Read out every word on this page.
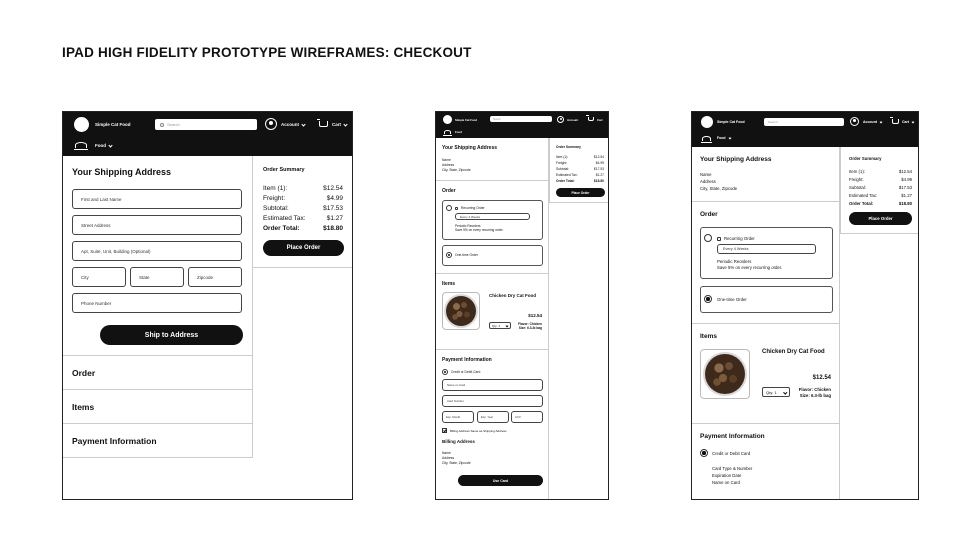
IPAD HIGH FIDELITY PROTOTYPE WIREFRAMES: CHECKOUT
Simple Cat Food	Search	Account	Cart
Food
Your Shipping Address
First and Last Name
Street Address
Apt, Suite, Unit, Building (Optional)
City	State	Zipcode
Phone Number
Ship to Address
Order
Items
Payment Information
Order Summary
Item (1):	$12.54
Freight:	$4.99
Subtotal:	$17.53
Estimated Tax:	$1.27
Order Total:	$18.80
Place Order
Simple Cat Food	Search	Account	Cart
Food
Your Shipping Address
Name
Address
City, State, Zipcode
Order
Recurring Order
Every 4 Weeks
Periodic Reorders
Save 5% on every recurring order.
One-time Order
Items
Chicken Dry Cat Food
$12.54
Qty: 1	Flavor: Chicken
Size: 6.3-lb bag
Payment Information
Credit or Debit Card
Name on Card
Card Number
Exp. Month	Exp. Year	CVV
Billing Address Same as Shipping Address
Billing Address
Name
Address
City, State, Zipcode
Use Card
Order Summary
Item (1):	$12.54
Freight:	$4.99
Subtotal:	$17.53
Estimated Tax:	$1.27
Order Total:	$18.80
Place Order
Simple Cat Food	Search	Account	Cart
Food
Your Shipping Address
Name
Address
City, State, Zipcode
Order
Recurring Order
Every 4 Weeks
Periodic Reorders
Save 5% on every recurring order.
One-time Order
Items
Chicken Dry Cat Food
$12.54
Qty: 1	Flavor: Chicken
Size: 6.3-lb bag
Payment Information
Credit or Debit Card
Card Type & Number
Expiration Date
Name on Card
Order Summary
Item (1):	$12.54
Freight:	$4.99
Subtotal:	$17.53
Estimated Tax:	$1.27
Order Total:	$18.80
Place Order
